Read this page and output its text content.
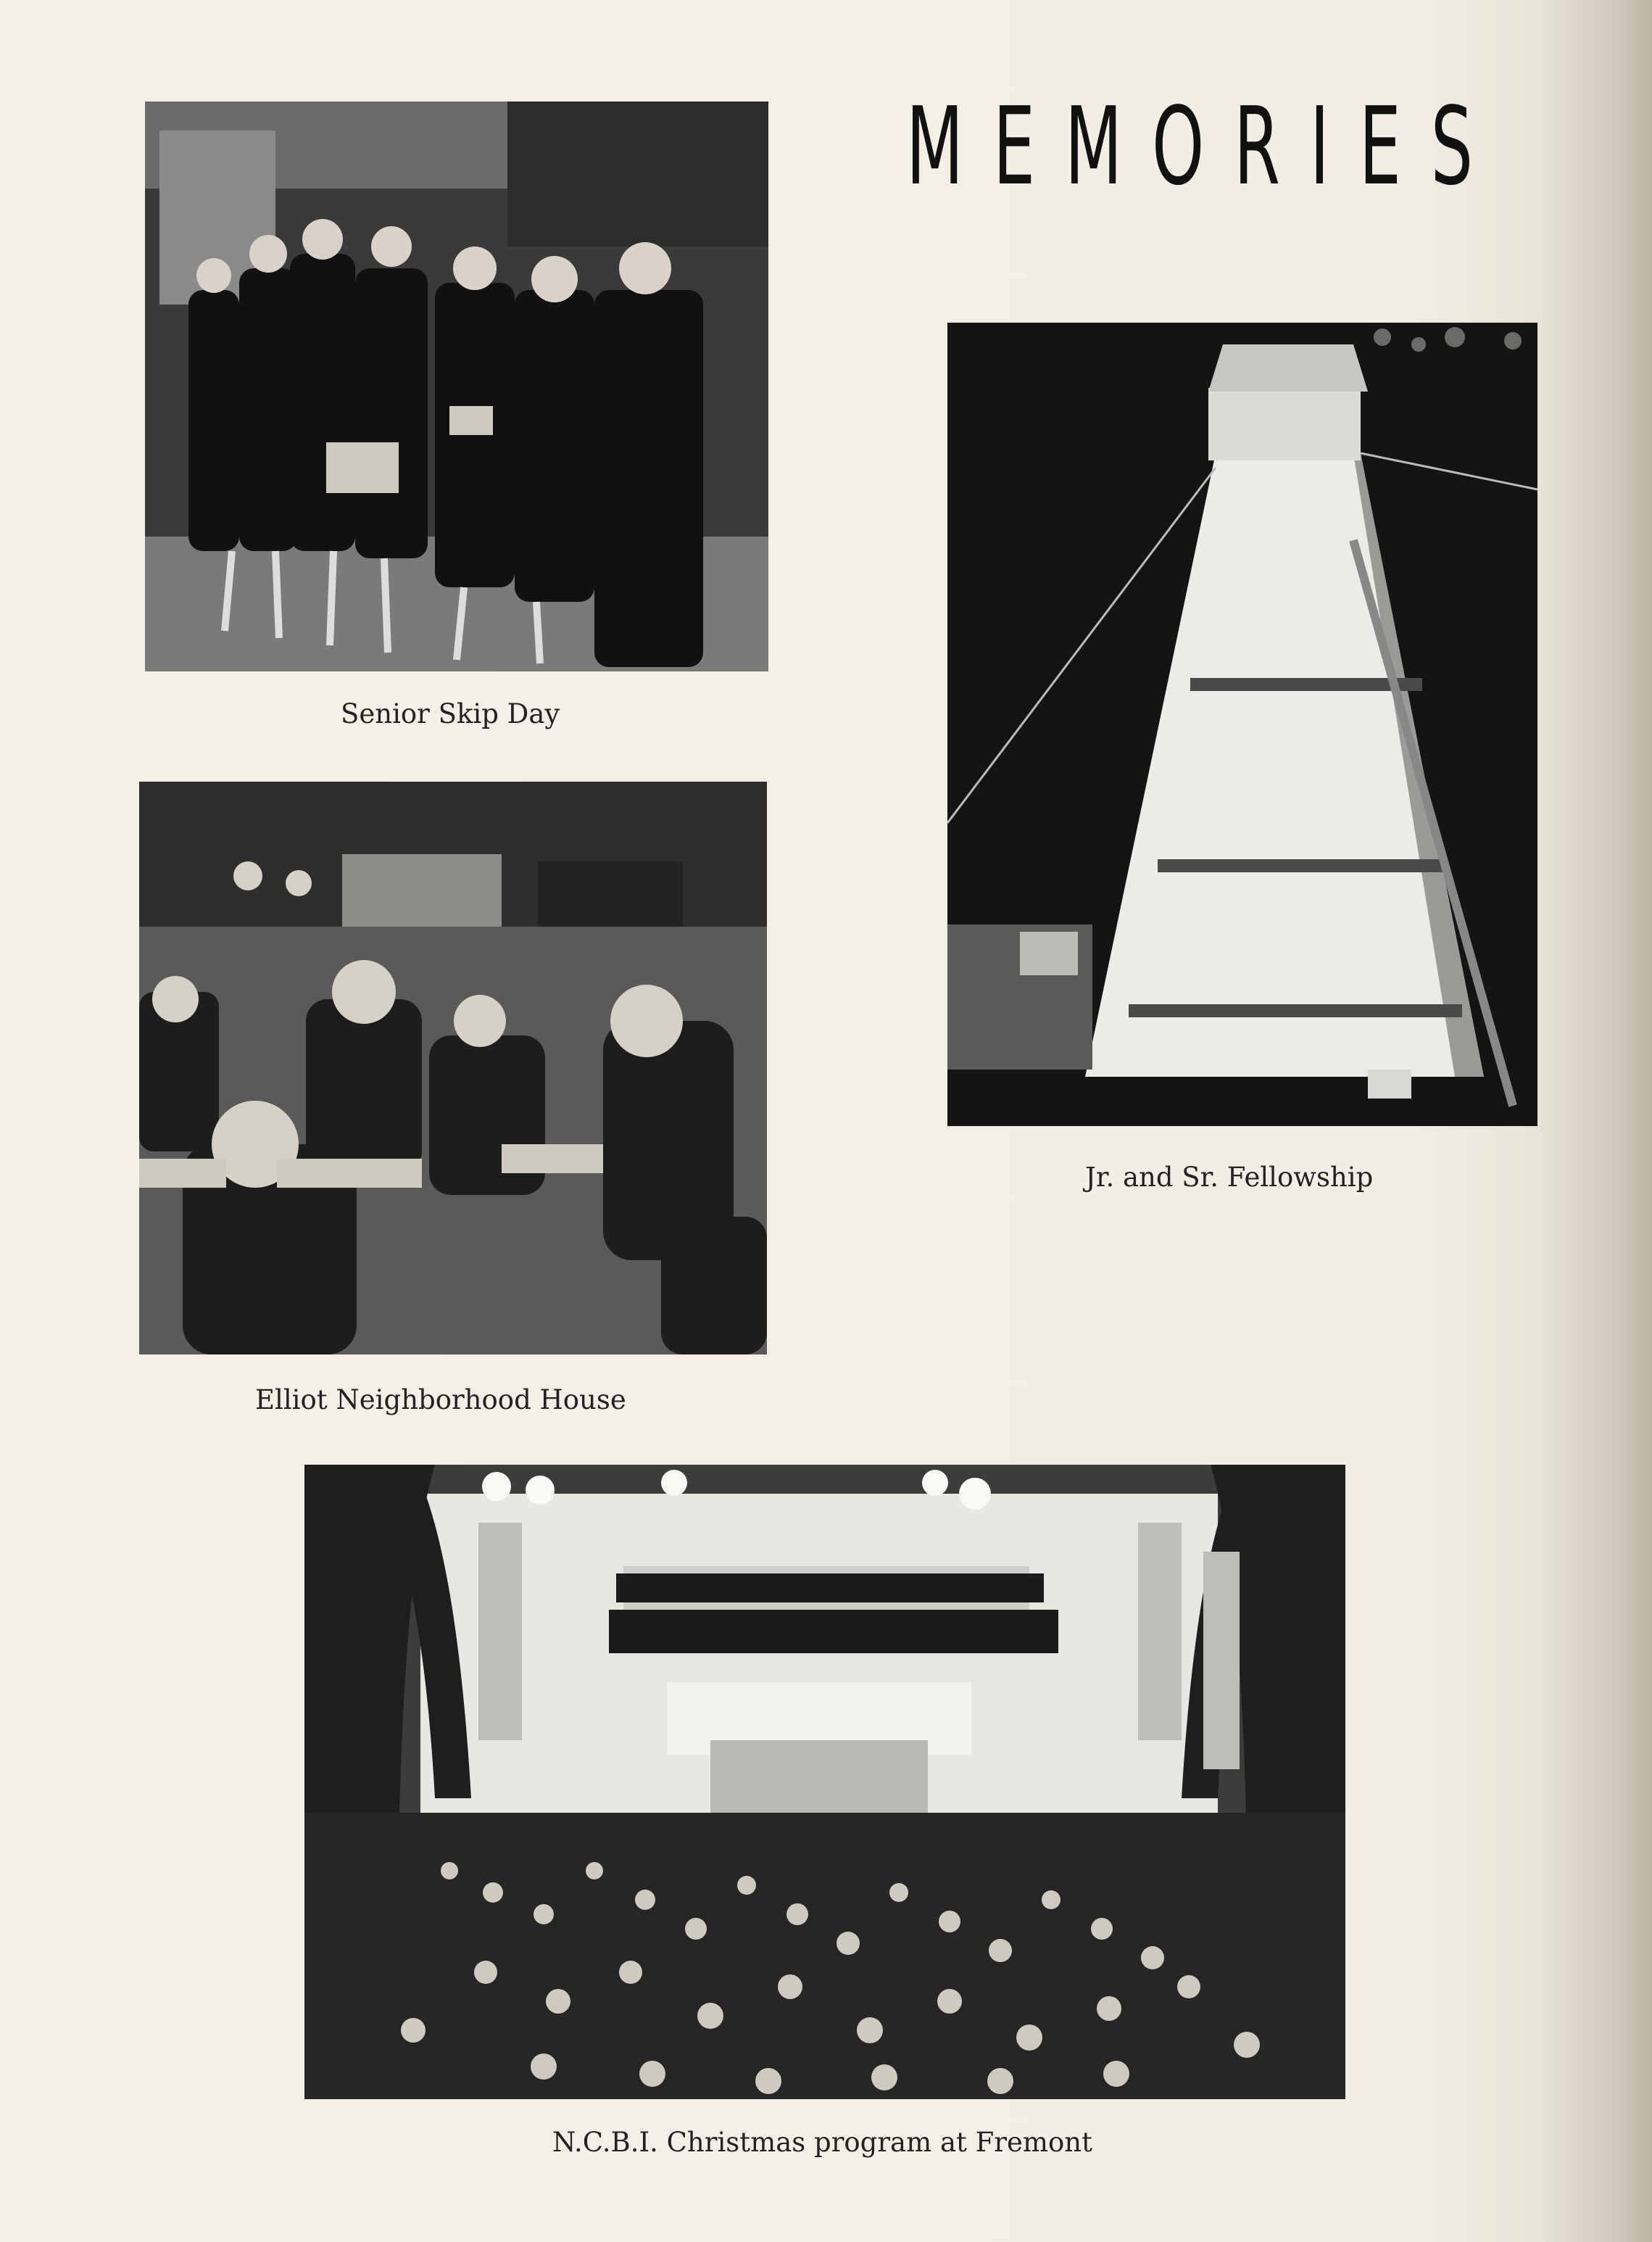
MEMORIES
Senior Skip Day
Jr. and Sr. Fellowship
Elliot Neighborhood House
N.C.B.I. Christmas program at Fremont
